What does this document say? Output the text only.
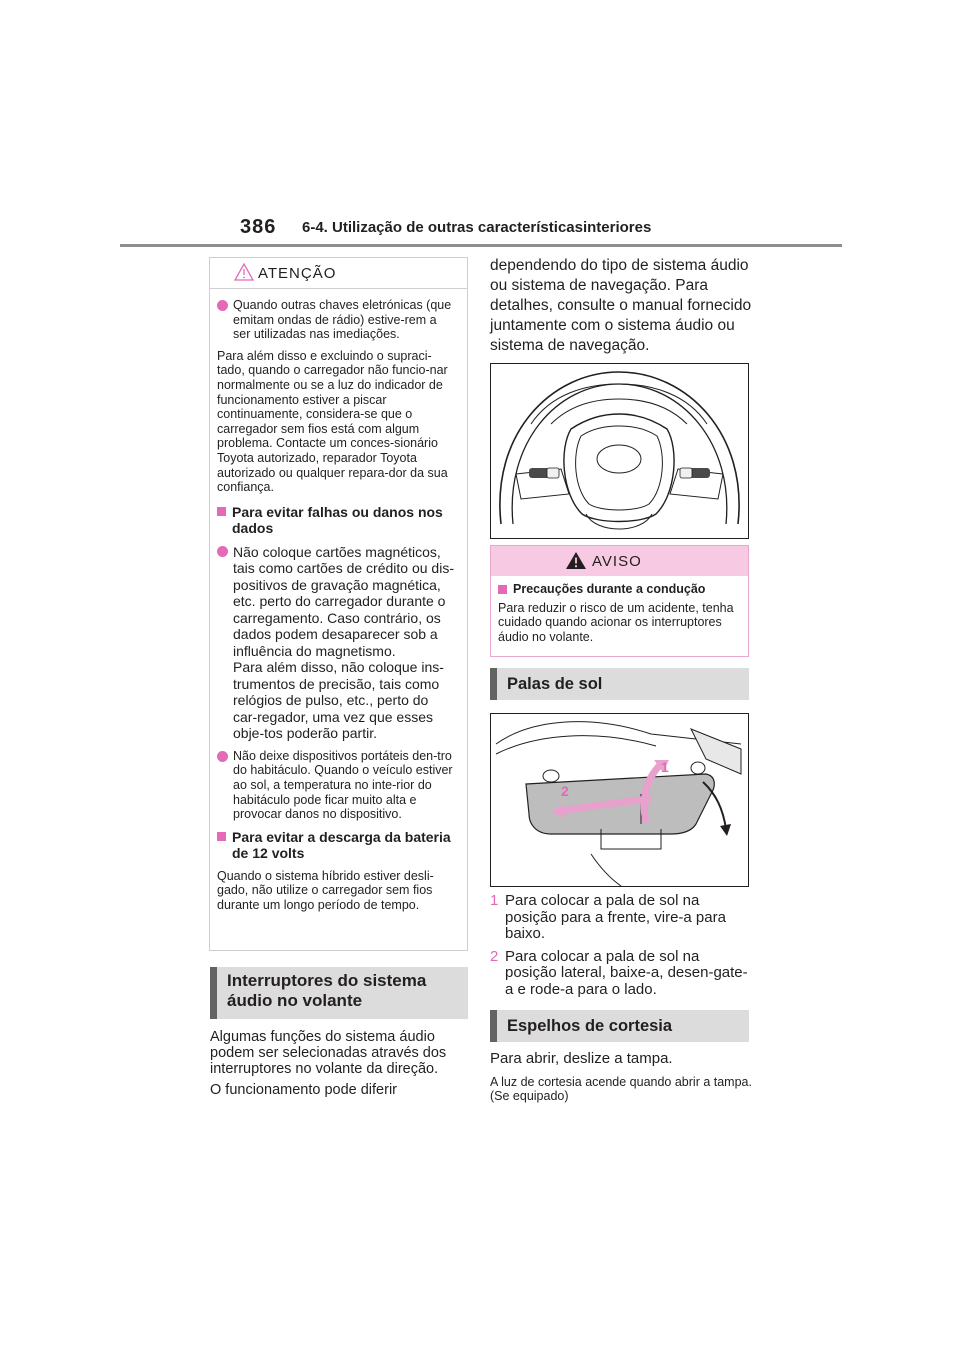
386 6-4. Utilização de outras característicasinteriores
ATENÇÃO
Quando outras chaves eletrónicas (que emitam ondas de rádio) estive-rem a ser utilizadas nas imediações.
Para além disso e excluindo o supraci-tado, quando o carregador não funcio-nar normalmente ou se a luz do indicador de funcionamento estiver a piscar continuamente, considera-se que o carregador sem fios está com algum problema. Contacte um conces-sionário Toyota autorizado, reparador Toyota autorizado ou qualquer repara-dor da sua confiança.
Para evitar falhas ou danos nos dados
Não coloque cartões magnéticos, tais como cartões de crédito ou dis-positivos de gravação magnética, etc. perto do carregador durante o carregamento. Caso contrário, os dados podem desaparecer sob a influência do magnetismo.
Para além disso, não coloque ins-trumentos de precisão, tais como relógios de pulso, etc., perto do car-regador, uma vez que esses obje-tos poderão partir.
Não deixe dispositivos portáteis den-tro do habitáculo. Quando o veículo estiver ao sol, a temperatura no inte-rior do habitáculo pode ficar muito alta e provocar danos no dispositivo.
Para evitar a descarga da bateria de 12 volts
Quando o sistema híbrido estiver desli-gado, não utilize o carregador sem fios durante um longo período de tempo.
Interruptores do sistema áudio no volante
Algumas funções do sistema áudio podem ser selecionadas através dos interruptores no volante da direção.
O funcionamento pode diferir
dependendo do tipo de sistema áudio ou sistema de navegação. Para detalhes, consulte o manual fornecido juntamente com o sistema áudio ou sistema de navegação.
AVISO
Precauções durante a condução
Para reduzir o risco de um acidente, tenha cuidado quando acionar os interruptores áudio no volante.
Palas de sol
1
2
1 Para colocar a pala de sol na posição para a frente, vire-a para baixo.
2 Para colocar a pala de sol na posição lateral, baixe-a, desen-gate-a e rode-a para o lado.
Espelhos de cortesia
Para abrir, deslize a tampa.
A luz de cortesia acende quando abrir a tampa. (Se equipado)
